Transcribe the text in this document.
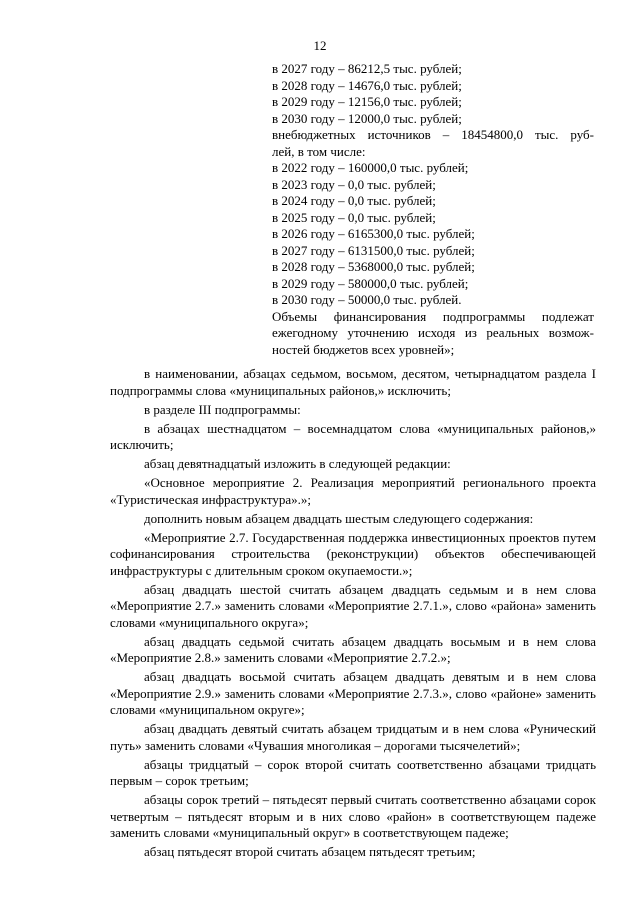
12
в 2027 году – 86212,5 тыс. рублей;
в 2028 году – 14676,0 тыс. рублей;
в 2029 году – 12156,0 тыс. рублей;
в 2030 году – 12000,0 тыс. рублей;
внебюджетных источников – 18454800,0 тыс. руб-
лей, в том числе:
в 2022 году – 160000,0 тыс. рублей;
в 2023 году – 0,0 тыс. рублей;
в 2024 году – 0,0 тыс. рублей;
в 2025 году – 0,0 тыс. рублей;
в 2026 году – 6165300,0 тыс. рублей;
в 2027 году – 6131500,0 тыс. рублей;
в 2028 году – 5368000,0 тыс. рублей;
в 2029 году – 580000,0 тыс. рублей;
в 2030 году – 50000,0 тыс. рублей.
Объемы финансирования подпрограммы подлежат
ежегодному уточнению исходя из реальных возмож-
ностей бюджетов всех уровней»;

в наименовании, абзацах седьмом, восьмом, десятом, четырнадцатом раздела I подпрограммы слова «муниципальных районов,» исключить;

в разделе III подпрограммы:

в абзацах шестнадцатом – восемнадцатом слова «муниципальных районов,» исключить;

абзац девятнадцатый изложить в следующей редакции:

«Основное мероприятие 2. Реализация мероприятий регионального проекта «Туристическая инфраструктура».»;

дополнить новым абзацем двадцать шестым следующего содержания:

«Мероприятие 2.7. Государственная поддержка инвестиционных проектов путем софинансирования строительства (реконструкции) объектов обеспечивающей инфраструктуры с длительным сроком окупаемости.»;

абзац двадцать шестой считать абзацем двадцать седьмым и в нем слова «Мероприятие 2.7.» заменить словами «Мероприятие 2.7.1.», слово «района» заменить словами «муниципального округа»;

абзац двадцать седьмой считать абзацем двадцать восьмым и в нем слова «Мероприятие 2.8.» заменить словами «Мероприятие 2.7.2.»;

абзац двадцать восьмой считать абзацем двадцать девятым и в нем слова «Мероприятие 2.9.» заменить словами «Мероприятие 2.7.3.», слово «районе» заменить словами «муниципальном округе»;

абзац двадцать девятый считать абзацем тридцатым и в нем слова «Рунический путь» заменить словами «Чувашия многоликая – дорогами тысячелетий»;

абзацы тридцатый – сорок второй считать соответственно абзацами тридцать первым – сорок третьим;

абзацы сорок третий – пятьдесят первый считать соответственно абзацами сорок четвертым – пятьдесят вторым и в них слово «район» в соответствующем падеже заменить словами «муниципальный округ» в соответствующем падеже;

абзац пятьдесят второй считать абзацем пятьдесят третьим;
